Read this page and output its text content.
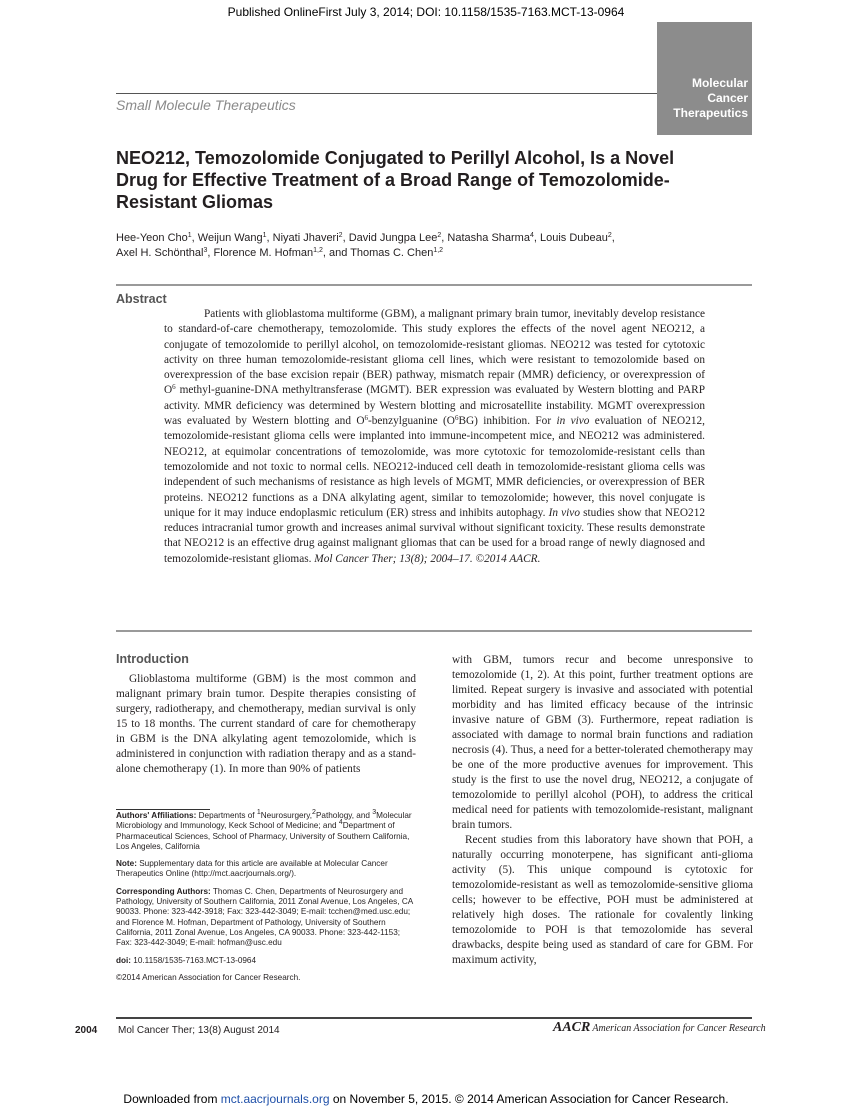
Published OnlineFirst July 3, 2014; DOI: 10.1158/1535-7163.MCT-13-0964
Small Molecule Therapeutics
Molecular
Cancer
Therapeutics
NEO212, Temozolomide Conjugated to Perillyl Alcohol, Is a Novel Drug for Effective Treatment of a Broad Range of Temozolomide-Resistant Gliomas
Hee-Yeon Cho$^1$, Weijun Wang$^1$, Niyati Jhaveri$^2$, David Jungpa Lee$^2$, Natasha Sharma$^4$, Louis Dubeau$^2$,
Axel H. Schönthal$^3$, Florence M. Hofman$^{1,2}$, and Thomas C. Chen$^{1,2}$
Abstract

Patients with glioblastoma multiforme (GBM), a malignant primary brain tumor, inevitably develop resistance to standard-of-care chemotherapy, temozolomide. This study explores the effects of the novel agent NEO212, a conjugate of temozolomide to perillyl alcohol, on temozolomide-resistant gliomas. NEO212 was tested for cytotoxic activity on three human temozolomide-resistant glioma cell lines, which were resistant to temozolomide based on overexpression of the base excision repair (BER) pathway, mismatch repair (MMR) deficiency, or overexpression of $O^6$ methyl-guanine-DNA methyltransferase (MGMT). BER expression was evaluated by Western blotting and PARP activity. MMR deficiency was determined by Western blotting and microsatellite instability. MGMT overexpression was evaluated by Western blotting and $O^6$-benzylguanine $(O^6BG)$ inhibition. For in vivo evaluation of NEO212, temozolomide-resistant glioma cells were implanted into immune-incompetent mice, and NEO212 was administered. NEO212, at equimolar concentrations of temozolomide, was more cytotoxic for temozolomide-resistant cells than temozolomide and not toxic to normal cells. NEO212-induced cell death in temozolomide-resistant glioma cells was independent of such mechanisms of resistance as high levels of MGMT, MMR deficiencies, or overexpression of BER proteins. NEO212 functions as a DNA alkylating agent, similar to temozolomide; however, this novel conjugate is unique for it may induce endoplasmic reticulum (ER) stress and inhibits autophagy. In vivo studies show that NEO212 reduces intracranial tumor growth and increases animal survival without significant toxicity. These results demonstrate that NEO212 is an effective drug against malignant gliomas that can be used for a broad range of newly diagnosed and temozolomide-resistant gliomas. Mol Cancer Ther; 13(8); 2004–17. ©2014 AACR.

Introduction

Glioblastoma multiforme (GBM) is the most common and malignant primary brain tumor. Despite therapies consisting of surgery, radiotherapy, and chemotherapy, median survival is only 15 to 18 months. The current standard of care for chemotherapy in GBM is the DNA alkylating agent temozolomide, which is administered in conjunction with radiation therapy and as a stand-alone chemotherapy (1). In more than 90% of patients

with GBM, tumors recur and become unresponsive to temozolomide (1, 2). At this point, further treatment options are limited. Repeat surgery is invasive and associated with potential morbidity and has limited efficacy because of the intrinsic invasive nature of GBM (3). Furthermore, repeat radiation is associated with damage to normal brain functions and radiation necrosis (4). Thus, a need for a better-tolerated chemotherapy may be one of the more productive avenues for improvement. This study is the first to use the novel drug, NEO212, a conjugate of temozolomide to perillyl alcohol (POH), to address the critical medical need for patients with temozolomide-resistant, malignant brain tumors.

Recent studies from this laboratory have shown that POH, a naturally occurring monoterpene, has significant anti-glioma activity (5). This unique compound is cytotoxic for temozolomide-resistant as well as temozolomide-sensitive glioma cells; however to be effective, POH must be administered at relatively high doses. The rationale for covalently linking temozolomide to POH is that temozolomide has several drawbacks, despite being used as standard of care for GBM. For maximum activity,

Authors' Affiliations: Departments of $^1$Neurosurgery,$^2$Pathology, and $^3$Molecular Microbiology and Immunology, Keck School of Medicine; and $^4$Department of Pharmaceutical Sciences, School of Pharmacy, University of Southern California, Los Angeles, California

Note: Supplementary data for this article are available at Molecular Cancer Therapeutics Online (http://mct.aacrjournals.org/).

Corresponding Authors: Thomas C. Chen, Departments of Neurosurgery and Pathology, University of Southern California, 2011 Zonal Avenue, Los Angeles, CA 90033. Phone: 323-442-3918; Fax: 323-442-3049; E-mail: tcchen@med.usc.edu; and Florence M. Hofman, Department of Pathology, University of Southern California, 2011 Zonal Avenue, Los Angeles, CA 90033. Phone: 323-442-1153; Fax: 323-442-3049; E-mail: hofman@usc.edu

doi: 10.1158/1535-7163.MCT-13-0964

©2014 American Association for Cancer Research.

2004 Mol Cancer Ther; 13(8) August 2014	AACR American Association for Cancer Research
Downloaded from mct.aacrjournals.org on November 5, 2015. © 2014 American Association for Cancer Research.
